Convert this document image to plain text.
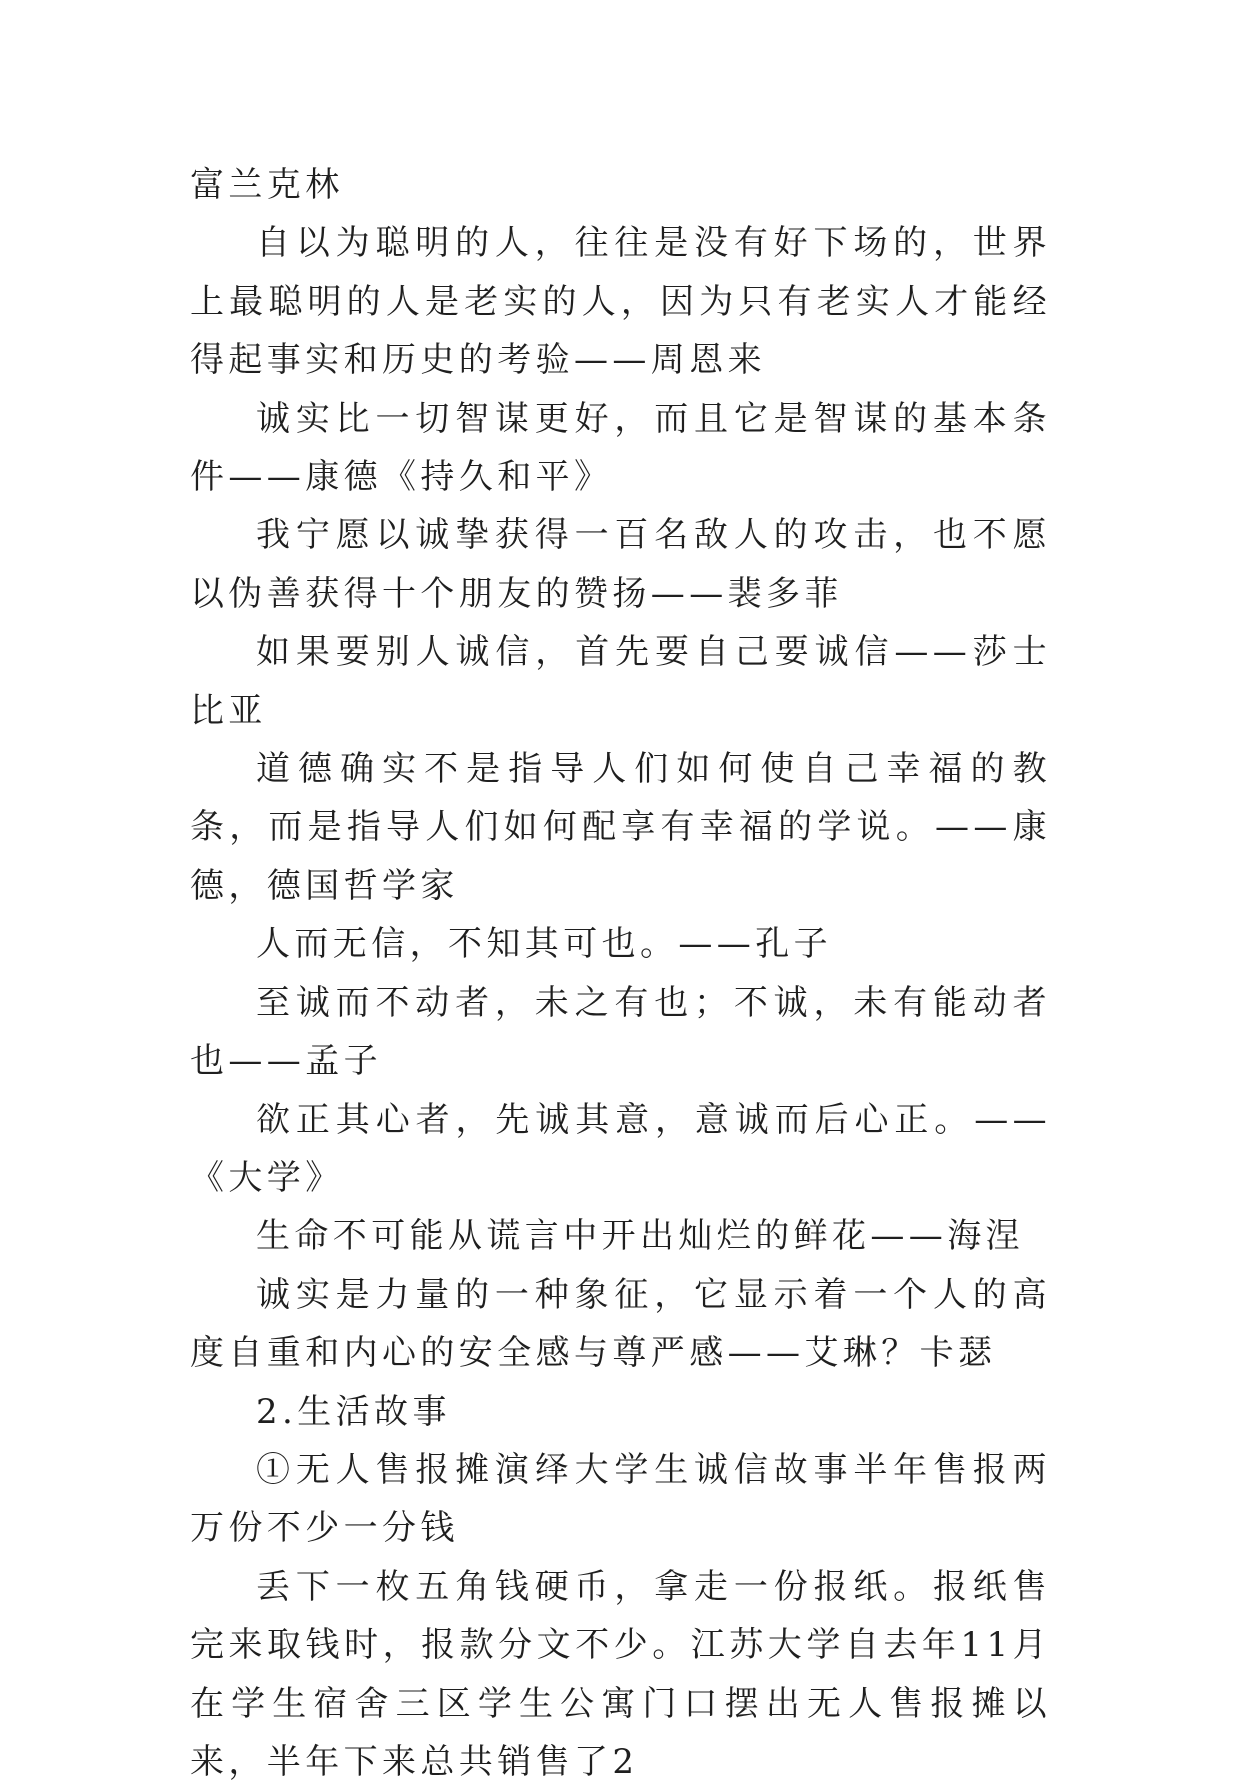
富兰克林

自以为聪明的人，往往是没有好下场的，世界上最聪明的人是老实的人，因为只有老实人才能经得起事实和历史的考验——周恩来

诚实比一切智谋更好，而且它是智谋的基本条件——康德《持久和平》

我宁愿以诚挚获得一百名敌人的攻击，也不愿以伪善获得十个朋友的赞扬——裴多菲

如果要别人诚信，首先要自己要诚信——莎士比亚

道德确实不是指导人们如何使自己幸福的教条，而是指导人们如何配享有幸福的学说。——康德，德国哲学家

人而无信，不知其可也。——孔子

至诚而不动者，未之有也；不诚，未有能动者也——孟子

欲正其心者，先诚其意，意诚而后心正。——《大学》

生命不可能从谎言中开出灿烂的鲜花——海涅

诚实是力量的一种象征，它显示着一个人的高度自重和内心的安全感与尊严感——艾琳？卡瑟

2.生活故事

①无人售报摊演绎大学生诚信故事半年售报两万份不少一分钱

丢下一枚五角钱硬币，拿走一份报纸。报纸售完来取钱时，报款分文不少。江苏大学自去年11月在学生宿舍三区学生公寓门口摆出无人售报摊以来，半年下来总共销售了2
